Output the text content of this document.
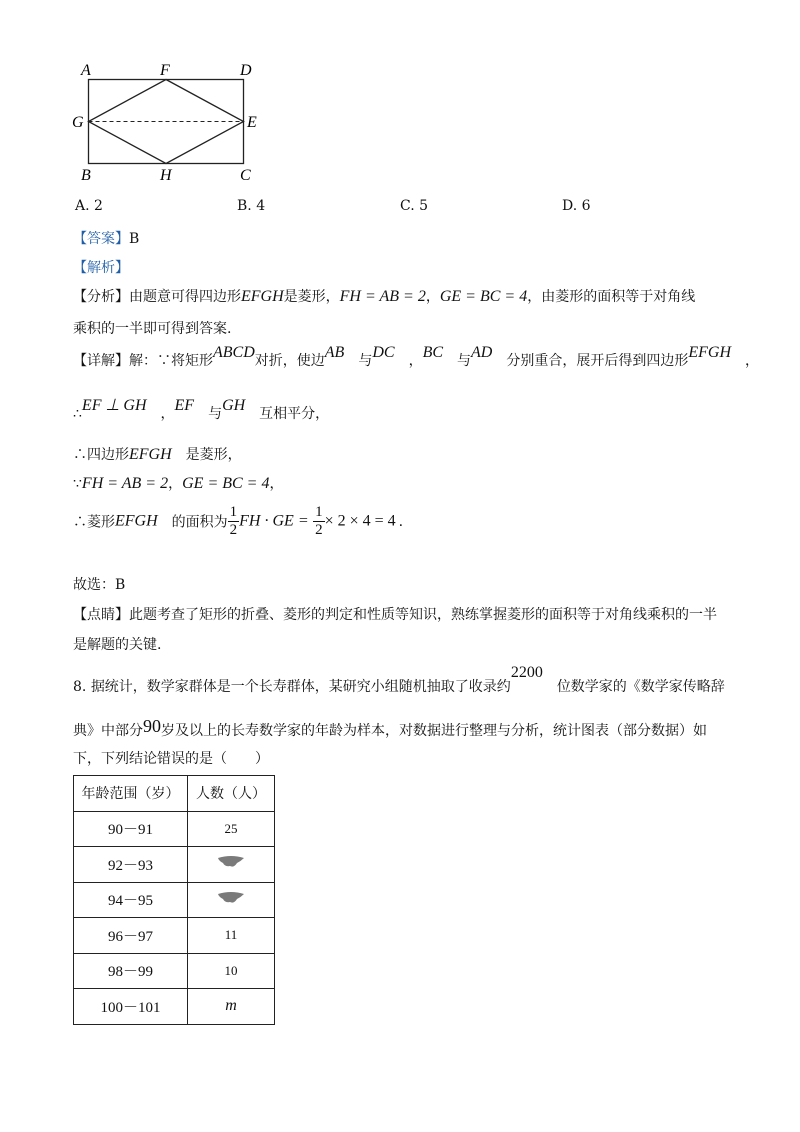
A	F	D
G	E
B	H	C
A. 2	B. 4	C. 5	D. 6
【答案】B
【解析】
【分析】由题意可得四边形EFGH是菱形，FH = AB = 2，GE = BC = 4，由菱形的面积等于对角线
乘积的一半即可得到答案.
【详解】解：∵将矩形ABCD对折，使边AB　 与DC　 ，BC　 与AD　 分别重合，展开后得到四边形EFGH　 ，
∴EF ⊥ GH　 ，EF　 与GH　 互相平分，
∴四边形EFGH　 是菱形，
∵FH = AB = 2，GE = BC = 4，
∴菱形EFGH　 的面积为 $\frac{1}{2}$ FH · GE = $\frac{1}{2} \times 2 \times 4 = 4$ .
故选：B
【点睛】此题考查了矩形的折叠、菱形的判定和性质等知识，熟练掌握菱形的面积等于对角线乘积的一半
是解题的关键.
8. 据统计，数学家群体是一个长寿群体，某研究小组随机抽取了收录约2200　位数学家的《数学家传略辞
典》中部分90岁及以上的长寿数学家的年龄为样本，对数据进行整理与分析，统计图表（部分数据）如
下，下列结论错误的是（　　）
年龄范围（岁）	人数（人）
90－91	25
92－93	
94－95	
96－97	11
98－99	10
100－101	m
